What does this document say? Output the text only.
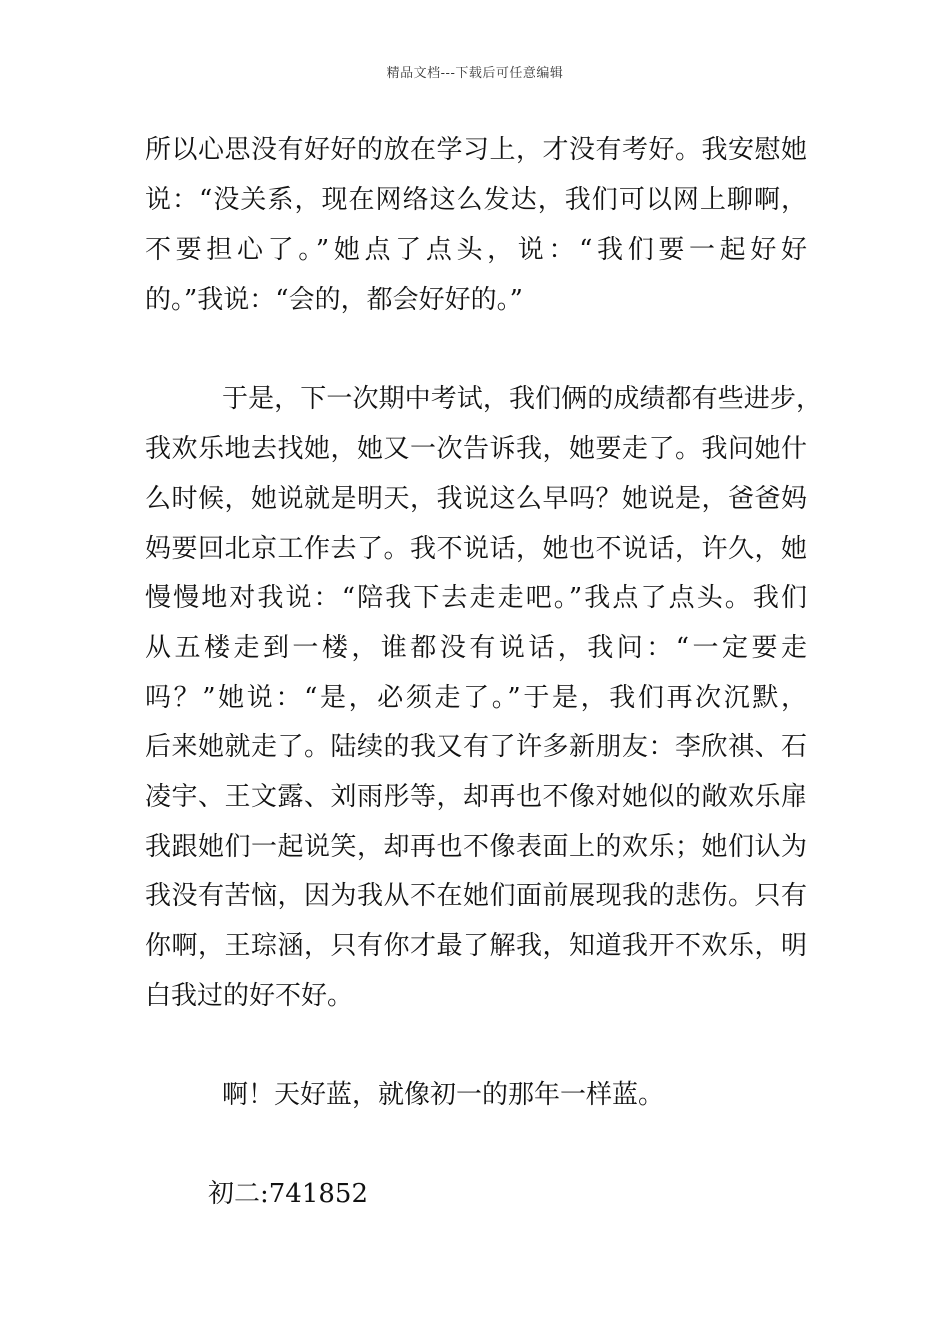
精品文档---下载后可任意编辑
所以心思没有好好的放在学习上，才没有考好。我安慰她
说：“没关系，现在网络这么发达，我们可以网上聊啊，
不要担心了。”她点了点头，说：“我们要一起好好
的。”我说：“会的，都会好好的。”
于是，下一次期中考试，我们俩的成绩都有些进步，
我欢乐地去找她，她又一次告诉我，她要走了。我问她什
么时候，她说就是明天，我说这么早吗？她说是，爸爸妈
妈要回北京工作去了。我不说话，她也不说话，许久，她
慢慢地对我说：“陪我下去走走吧。”我点了点头。我们
从五楼走到一楼，谁都没有说话，我问：“一定要走
吗？”她说：“是，必须走了。”于是，我们再次沉默，
后来她就走了。陆续的我又有了许多新朋友：李欣祺、石
凌宇、王文露、刘雨彤等，却再也不像对她似的敞欢乐扉
我跟她们一起说笑，却再也不像表面上的欢乐；她们认为
我没有苦恼，因为我从不在她们面前展现我的悲伤。只有
你啊，王琮涵，只有你才最了解我，知道我开不欢乐，明
白我过的好不好。
啊！天好蓝，就像初一的那年一样蓝。
初二:741852
